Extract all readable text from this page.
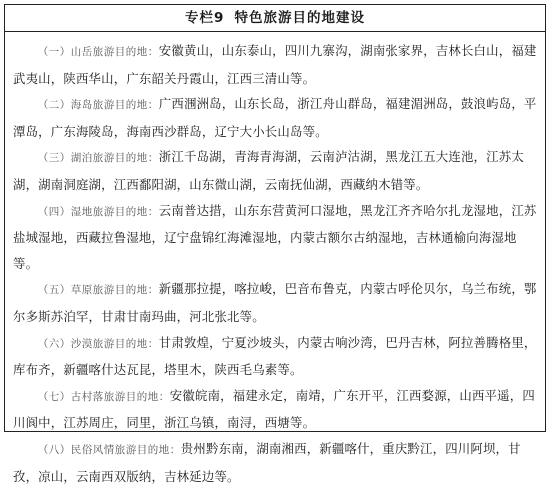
专栏9 特色旅游目的地建设
（一）山岳旅游目的地：安徽黄山，山东泰山，四川九寨沟，湖南张家界，吉林长白山，福建武夷山，陕西华山，广东韶关丹霞山，江西三清山等。
（二）海岛旅游目的地：广西涠洲岛，山东长岛，浙江舟山群岛，福建湄洲岛，鼓浪屿岛，平潭岛，广东海陵岛，海南西沙群岛，辽宁大小长山岛等。
（三）湖泊旅游目的地：浙江千岛湖，青海青海湖，云南泸沽湖，黑龙江五大连池，江苏太湖，湖南洞庭湖，江西鄱阳湖，山东微山湖，云南抚仙湖，西藏纳木错等。
（四）湿地旅游目的地：云南普达措，山东东营黄河口湿地，黑龙江齐齐哈尔扎龙湿地，江苏盐城湿地，西藏拉鲁湿地，辽宁盘锦红海滩湿地，内蒙古额尔古纳湿地，吉林通榆向海湿地等。
（五）草原旅游目的地：新疆那拉提，喀拉峻，巴音布鲁克，内蒙古呼伦贝尔，乌兰布统，鄂尔多斯苏泊罕，甘肃甘南玛曲，河北张北等。
（六）沙漠旅游目的地：甘肃敦煌，宁夏沙坡头，内蒙古响沙湾，巴丹吉林，阿拉善腾格里，库布齐，新疆喀什达瓦昆，塔里木，陕西毛乌素等。
（七）古村落旅游目的地：安徽皖南，福建永定，南靖，广东开平，江西婺源，山西平遥，四川阆中，江苏周庄，同里，浙江乌镇，南浔，西塘等。
（八）民俗风情旅游目的地：贵州黔东南，湖南湘西，新疆喀什，重庆黔江，四川阿坝，甘孜，凉山，云南西双版纳，吉林延边等。
